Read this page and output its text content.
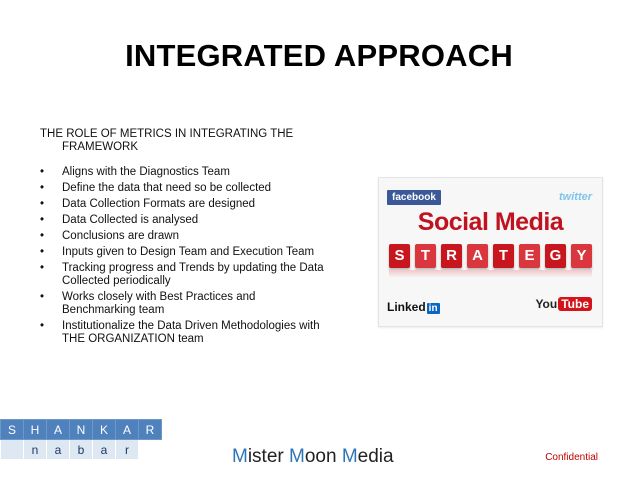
INTEGRATED APPROACH

THE ROLE OF METRICS IN INTEGRATING THE FRAMEWORK

• Aligns with the Diagnostics Team
• Define the data that need so be collected
• Data Collection Formats are designed
• Data Collected is analysed
• Conclusions are drawn
• Inputs given to Design Team and Execution Team
• Tracking progress and Trends by updating the Data Collected periodically
• Works closely with Best Practices and Benchmarking team
• Institutionalize the Data Driven Methodologies with THE ORGANIZATION team
facebook	twitter
Social Media
S	T	R	A	T	E	G	Y
Linked in	You Tube
S	H	A	N	K	A	R
	n	a	b	a	r		Mister Moon Media	Confidential
